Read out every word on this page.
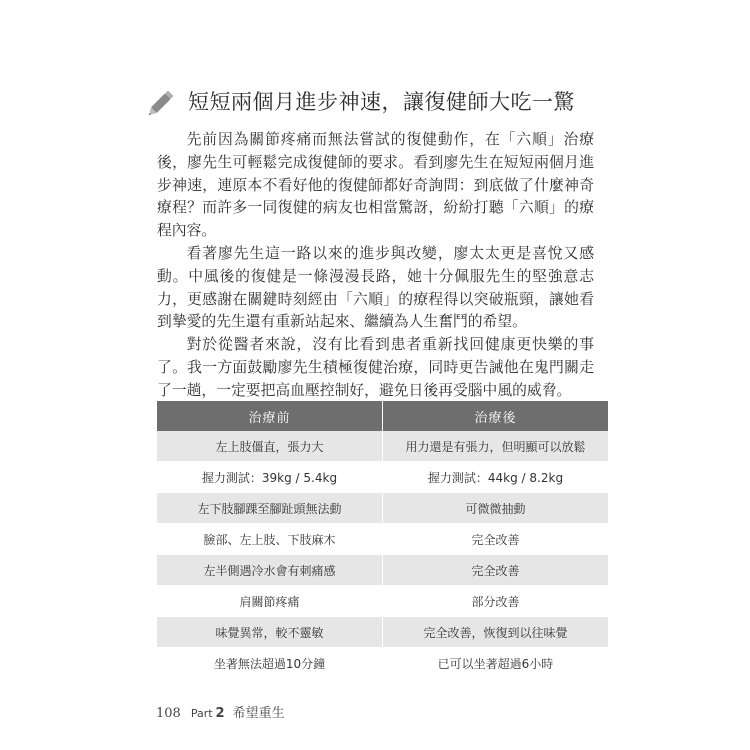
短短兩個月進步神速，讓復健師大吃一驚

先前因為關節疼痛而無法嘗試的復健動作，在「六順」治療後，廖先生可輕鬆完成復健師的要求。看到廖先生在短短兩個月進步神速，連原本不看好他的復健師都好奇詢問：到底做了什麼神奇療程？而許多一同復健的病友也相當驚訝，紛紛打聽「六順」的療程內容。

看著廖先生這一路以來的進步與改變，廖太太更是喜悅又感動。中風後的復健是一條漫漫長路，她十分佩服先生的堅強意志力，更感謝在關鍵時刻經由「六順」的療程得以突破瓶頸，讓她看到摯愛的先生還有重新站起來、繼續為人生奮鬥的希望。

對於從醫者來說，沒有比看到患者重新找回健康更快樂的事了。我一方面鼓勵廖先生積極復健治療，同時更告誡他在鬼門關走了一趟，一定要把高血壓控制好，避免日後再受腦中風的威脅。

治療前	治療後
左上肢僵直，張力大	用力還是有張力，但明顯可以放鬆
握力測試：39kg / 5.4kg	握力測試：44kg / 8.2kg
左下肢腳踝至腳趾頭無法動	可微微抽動
臉部、左上肢、下肢麻木	完全改善
左半側遇冷水會有刺痛感	完全改善
肩關節疼痛	部分改善
味覺異常，較不靈敏	完全改善，恢復到以往味覺
坐著無法超過10分鐘	已可以坐著超過6小時
108 Part 2 希望重生
